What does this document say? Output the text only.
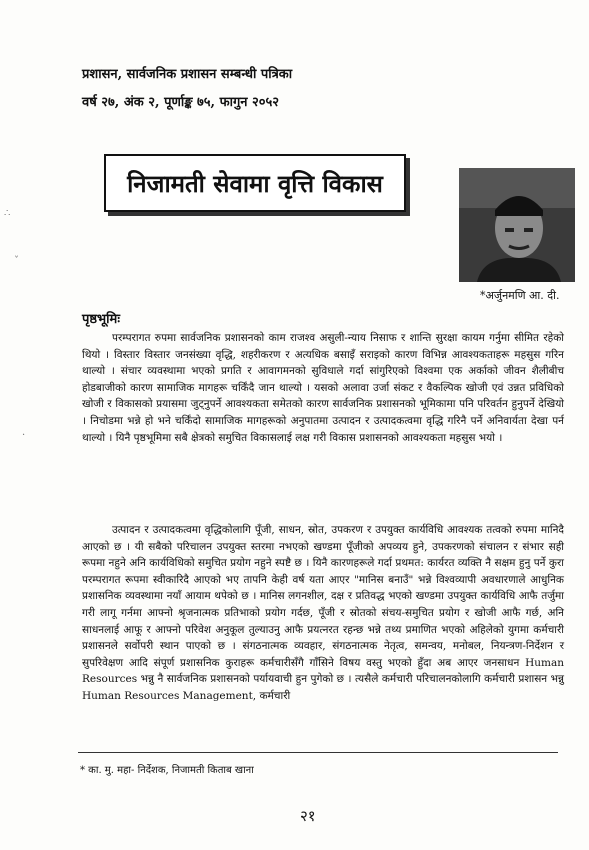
प्रशासन, सार्वजनिक प्रशासन सम्बन्धी पत्रिका
वर्ष २७, अंक २, पूर्णाङ्क ७५, फागुन २०५२
निजामती सेवामा वृत्ति विकास
*अर्जुनमणि आ. दी.
पृष्ठभूमिः

परम्परागत रुपमा सार्वजनिक प्रशासनको काम राजश्व असुली-न्याय निसाफ र शान्ति सुरक्षा कायम गर्नुमा सीमित रहेको थियो । विस्तार विस्तार जनसंख्या वृद्धि, शहरीकरण र अत्यधिक बसाइँ सराइको कारण विभिन्न आवश्यकताहरू महसुस गरिन थाल्यो । संचार व्यवस्थामा भएको प्रगति र आवागमनको सुविधाले गर्दा सांगुरिएको विश्वमा एक अर्काको जीवन शैलीबीच होडबाजीको कारण सामाजिक मागहरू चर्किंदै जान थाल्यो । यसको अलावा उर्जा संकट र वैकल्पिक खोजी एवं उन्नत प्रविधिको खोजी र विकासको प्रयासमा जुट्नुपर्ने आवश्यकता समेतको कारण सार्वजनिक प्रशासनको भूमिकामा पनि परिवर्तन हुनुपर्ने देखियो । निचोडमा भन्ने हो भने चर्किंदो सामाजिक मागहरूको अनुपातमा उत्पादन र उत्पादकत्वमा वृद्धि गरिनै पर्ने अनिवार्यता देखा पर्न थाल्यो । यिनै पृष्ठभूमिमा सबै क्षेत्रको समुचित विकासलाई लक्ष गरी विकास प्रशासनको आवश्यकता महसुस भयो ।

उत्पादन र उत्पादकत्वमा वृद्धिकोलागि पूँजी, साधन, स्रोत, उपकरण र उपयुक्त कार्यविधि आवश्यक तत्वको रुपमा मानिदै आएको छ । यी सबैको परिचालन उपयुक्त स्तरमा नभएको खण्डमा पूँजीको अपव्यय हुने, उपकरणको संचालन र संभार सही रूपमा नहुने अनि कार्यविधिको समुचित प्रयोग नहुने स्पष्टै छ । यिनै कारणहरूले गर्दा प्रथमत: कार्यरत व्यक्ति नै सक्षम हुनु पर्ने कुरा परम्परागत रूपमा स्वीकारिदै आएको भए तापनि केही वर्ष यता आएर "मानिस बनाउँ" भन्ने विश्वव्यापी अवधारणाले आधुनिक प्रशासनिक व्यवस्थामा नयाँ आयाम थपेको छ । मानिस लगनशील, दक्ष र प्रतिवद्ध भएको खण्डमा उपयुक्त कार्यविधि आफै तर्जुमा गरी लागू गर्नमा आफ्नो श्रृजनात्मक प्रतिभाको प्रयोग गर्दछ, पूँजी र स्रोतको संचय-समुचित प्रयोग र खोजी आफै गर्छ, अनि साधनलाई आफू र आफ्नो परिवेश अनुकूल तुल्याउनु आफै प्रयत्नरत रहन्छ भन्ने तथ्य प्रमाणित भएको अहिलेको युगमा कर्मचारी प्रशासनले सर्वोपरी स्थान पाएको छ । संगठनात्मक व्यवहार, संगठनात्मक नेतृत्व, समन्वय, मनोबल, नियन्त्रण-निर्देशन र सुपरिवेक्षण आदि संपूर्ण प्रशासनिक कुराहरू कर्मचारीसँगै गाँसिने विषय वस्तु भएको हुँदा अब आएर जनसाधन Human Resources भन्नु नै सार्वजनिक प्रशासनको पर्यायवाची हुन पुगेको छ । त्यसैले कर्मचारी परिचालनकोलागि कर्मचारी प्रशासन भन्नु Human Resources Management, कर्मचारी

* का. मु. महा- निर्देशक, निजामती किताब खाना
२१
∴
ˇ
·
